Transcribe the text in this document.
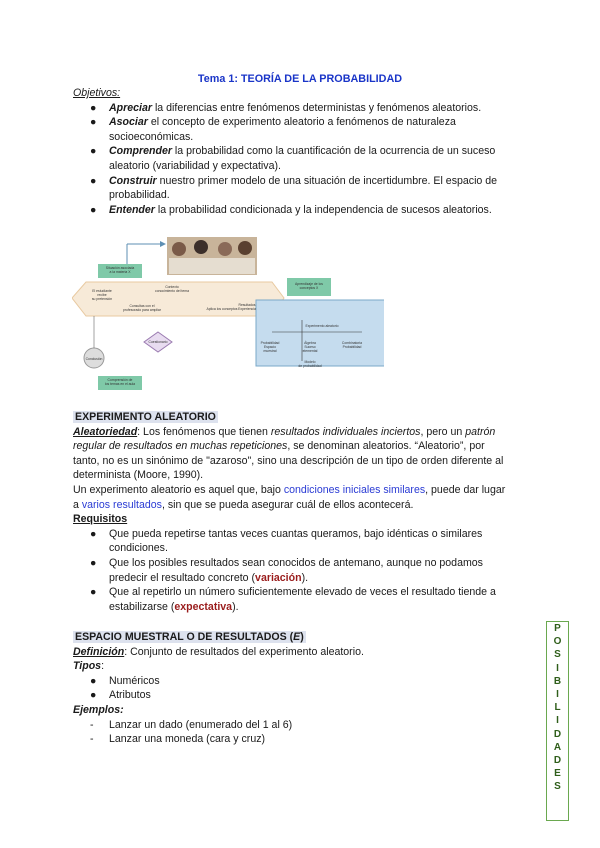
Tema 1: TEORÍA DE LA PROBABILIDAD
Objetivos:
● Apreciar la diferencias entre fenómenos deterministas y fenómenos aleatorios.
● Asociar el concepto de experimento aleatorio a fenómenos de naturaleza
socioeconómicas.
● Comprender la probabilidad como la cuantificación de la ocurrencia de un suceso
aleatorio (variabilidad y expectativa).
● Construir nuestro primer modelo de una situación de incertidumbre. El espacio de
probabilidad.
● Entender la probabilidad condicionada y la independencia de sucesos aleatorios.
Situación asociada a la materia X
Aprendizaje de los conceptos X
El estudiante recibe su pretensión
Contexto conocimiento del tema
Consultas con el profesorado para ampliar	Aplica los conceptos
Resultados Experiencia
Cuestionario
Conclusión
Comprensión de los temas en el aula
Experimento aleatorio
Probabilidad Espacio muestral
Álgebra Suceso elemental
Combinatoria Probabilidad
Modelo de probabilidad
EXPERIMENTO ALEATORIO
Aleatoriedad: Los fenómenos que tienen resultados individuales inciertos, pero un patrón
regular de resultados en muchas repeticiones, se denominan aleatorios. “Aleatorio”, por
tanto, no es un sinónimo de "azaroso", sino una descripción de un tipo de orden diferente al
determinista (Moore, 1990).
Un experimento aleatorio es aquel que, bajo condiciones iniciales similares, puede dar lugar
a varios resultados, sin que se pueda asegurar cuál de ellos acontecerá.
Requisitos
● Que pueda repetirse tantas veces cuantas queramos, bajo idénticas o similares
condiciones.
● Que los posibles resultados sean conocidos de antemano, aunque no podamos
predecir el resultado concreto (variación).
● Que al repetirlo un número suficientemente elevado de veces el resultado tiende a
estabilizarse (expectativa).
ESPACIO MUESTRAL O DE RESULTADOS (E)
Definición: Conjunto de resultados del experimento aleatorio.
Tipos:
● Numéricos
● Atributos
Ejemplos:
- Lanzar un dado (enumerado del 1 al 6)
- Lanzar una moneda (cara y cruz)
P
O
S
I
B
I
L
I
D
A
D
E
S
